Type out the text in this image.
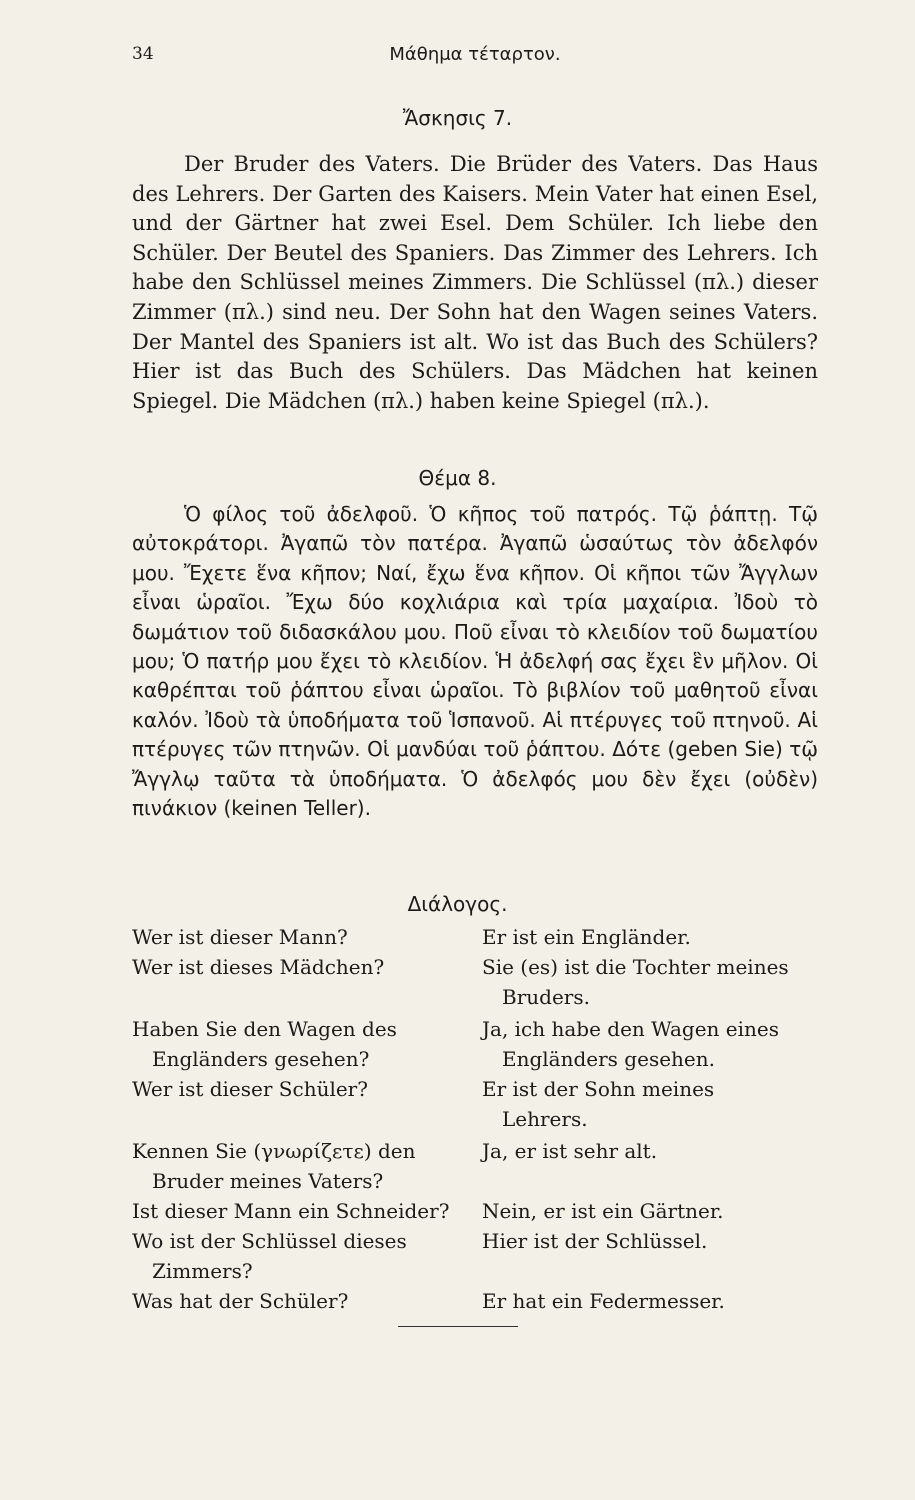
34	Μάθημα τέταρτον.
Ἄσκησις 7.
Der Bruder des Vaters. Die Brüder des Vaters. Das Haus des Lehrers. Der Garten des Kaisers. Mein Vater hat einen Esel, und der Gärtner hat zwei Esel. Dem Schüler. Ich liebe den Schüler. Der Beutel des Spaniers. Das Zimmer des Lehrers. Ich habe den Schlüssel meines Zimmers. Die Schlüssel (πλ.) dieser Zimmer (πλ.) sind neu. Der Sohn hat den Wagen seines Vaters. Der Mantel des Spaniers ist alt. Wo ist das Buch des Schülers? Hier ist das Buch des Schülers. Das Mädchen hat keinen Spiegel. Die Mädchen (πλ.) haben keine Spiegel (πλ.).
Θέμα 8.
Ὁ φίλος τοῦ ἀδελφοῦ. Ὁ κῆπος τοῦ πατρός. Τῷ ῥάπτῃ. Τῷ αὐτοκράτορι. Ἀγαπῶ τὸν πατέρα. Ἀγαπῶ ὡσαύτως τὸν ἀδελφόν μου. Ἔχετε ἕνα κῆπον; Ναί, ἔχω ἕνα κῆπον. Οἱ κῆποι τῶν Ἄγγλων εἶναι ὡραῖοι. Ἔχω δύο κοχλιάρια καὶ τρία μαχαίρια. Ἰδοὺ τὸ δωμάτιον τοῦ διδασκάλου μου. Ποῦ εἶναι τὸ κλειδίον τοῦ δωματίου μου; Ὁ πατήρ μου ἔχει τὸ κλειδίον. Ἡ ἀδελφή σας ἔχει ἓν μῆλον. Οἱ καθρέπται τοῦ ῥάπτου εἶναι ὡραῖοι. Τὸ βιβλίον τοῦ μαθητοῦ εἶναι καλόν. Ἰδοὺ τὰ ὑποδήματα τοῦ Ἱσπανοῦ. Αἱ πτέρυγες τοῦ πτηνοῦ. Αἱ πτέρυγες τῶν πτηνῶν. Οἱ μανδύαι τοῦ ῥάπτου. Δότε (geben Sie) τῷ Ἄγγλῳ ταῦτα τὰ ὑποδήματα. Ὁ ἀδελφός μου δὲν ἔχει (οὐδὲν) πινάκιον (keinen Teller).
Διάλογος.
Wer ist dieser Mann?	Er ist ein Engländer.
Wer ist dieses Mädchen?	Sie (es) ist die Tochter meines
Bruders.
Haben Sie den Wagen des	Ja, ich habe den Wagen eines
Engländers gesehen?	Engländers gesehen.
Wer ist dieser Schüler?	Er ist der Sohn meines
Lehrers.
Kennen Sie (γνωρίζετε) den	Ja, er ist sehr alt.
Bruder meines Vaters?
Ist dieser Mann ein Schneider? Nein, er ist ein Gärtner.
Wo ist der Schlüssel dieses	Hier ist der Schlüssel.
Zimmers?
Was hat der Schüler?	Er hat ein Federmesser.
